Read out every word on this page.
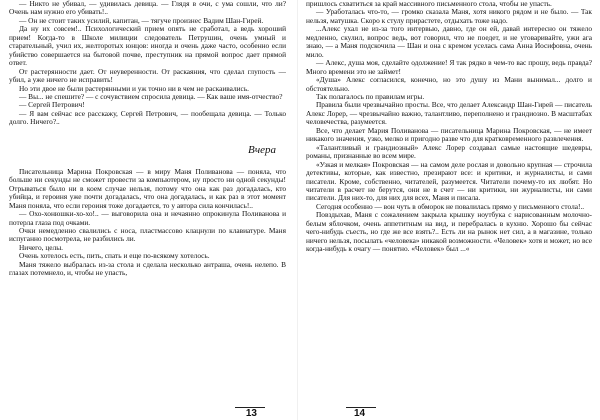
— Никто не убивал, — удивилась девица. — Глядя в очи, с ума сошли, что ли? Очень нам нужно его убивать!..

— Он не стоит таких усилий, капитан, — тягуче произнес Вадим Шан-Гирей.

Да ну их совсем!.. Психологический прием опять не сработал, а ведь хороший прием! Когда-то в Школе милиции следователь Петрушин, очень умный и старательный, учил их, желторотых юнцов: иногда и очень даже часто, особенно если убийство совершается на бытовой почве, преступник на прямой вопрос дает прямой ответ.

От растерянности дает. От неуверенности. От раскаяния, что сделал глупость — убил, а уже ничего не исправить!

Но эти двое не были растерянными и уж точно ни в чем не раскаивались.

— Вы... не спешите? — с сочувствием спросила девица. — Как ваше имя-отчество?

— Сергей Петрович!

— Я вам сейчас все расскажу, Сергей Петрович, — пообещала девица. — Только долго. Ничего?..

Вчера

Писательница Марина Покровская — в миру Маня Поливанова — поняла, что больше ни секунды не сможет провести за компьютером, ну просто ни одной секунды! Отрываться было ни в коем случае нельзя, потому что она как раз догадалась, кто убийца, и героиня уже почти догадалась, что она догадалась, и как раз в этот момент Маня поняла, что если героиня тоже догадается, то у автора сила кончилась!..

— Охо-хонюшки-хо-хо!.. — выговорила она и нечаянно опрокинула Поливанова и потерла глаза под очками.

Очки немедленно свалились с носа, пластмассово клацнули по клавиатуре. Маня испуганно посмотрела, не разбились ли.

Ничего, целы.

Очень хотелось есть, пить, спать и еще по-всякому хотелось.

Маня тяжело выбралась из-за стола и сделала несколько антраша, очень нелепо. В глазах потемнело, и, чтобы не упасть,

13

пришлось схватиться за край массивного письменного стола, чтобы не упасть.

— Уработалась что-то, — громко сказала Маня, хотя никого рядом и не было. — Так нельзя, матушка. Скоро к стулу прирастете, отдыхать тоже надо.

...Алекс ухал не из-за того интервью, давно, где он ей, давай интересно он тяжело медленно, скулил, вопрос ведь, вот говорил, что не поедет, и не уговаривайте, ужи ага знаю, — а Маня подскочила — Шан и она с кремом уселась сама Анна Иосифовна, очень мило.

— Алекс, душа моя, сделайте одолжение! Я так рядко в чем-то вас прошу, ведь правда? Много времени это не займет!

«Душа» Алекс согласился, конечно, но это душу из Мани вынимал... долго и обстоятельно.

Так полагалось по правилам игры.

Правила были чрезвычайно просты. Все, что делает Александр Шан-Гирей — писатель Алекс Лорер, — чрезвычайно важно, талантливо, переполнено и грандиозно. В масштабах человечества, разумеется.

Все, что делает Мария Поливанова — писательница Марина Покровская, — не имеет никакого значения, узко, мелко и пригодно разве что для кратковременного развлечения.

«Талантливый и грандиозный» Алекс Лорер создавал самые настоящие шедевры, романы, признанные во всем мире.

«Узкая и мелкая» Покровская — на самом деле рослая и довольно крупная — строчила детективы, которые, как известно, презирают все: и критики, и журналисты, и сами писатели. Кроме, собственно, читателей, разумеется. Читатели почему-то их любят. Но читатели в расчет не берутся, они не в счет — ни критики, ни журналисты, ни сами писатели. Для них-то, для них для всех, Маня и писала.

Сегодня особенно — вон чуть в обморок не повалилась прямо у письменного стола!..

Повздыхав, Маня с сожалением закрыла крышку ноутбука с нарисованным молочно-белым яблочком, очень аппетитным на вид, и перебралась в кухню. Хорошо бы сейчас чего-нибудь съесть, но где же все взять?.. Есть ли на рынок нет сил, а в магазине, только ничего нельзя, посылать «человека» никакой возможности. «Человек» хотя и может, но все когда-нибудь к очагу — понятно. «Человек» был ...«

14
